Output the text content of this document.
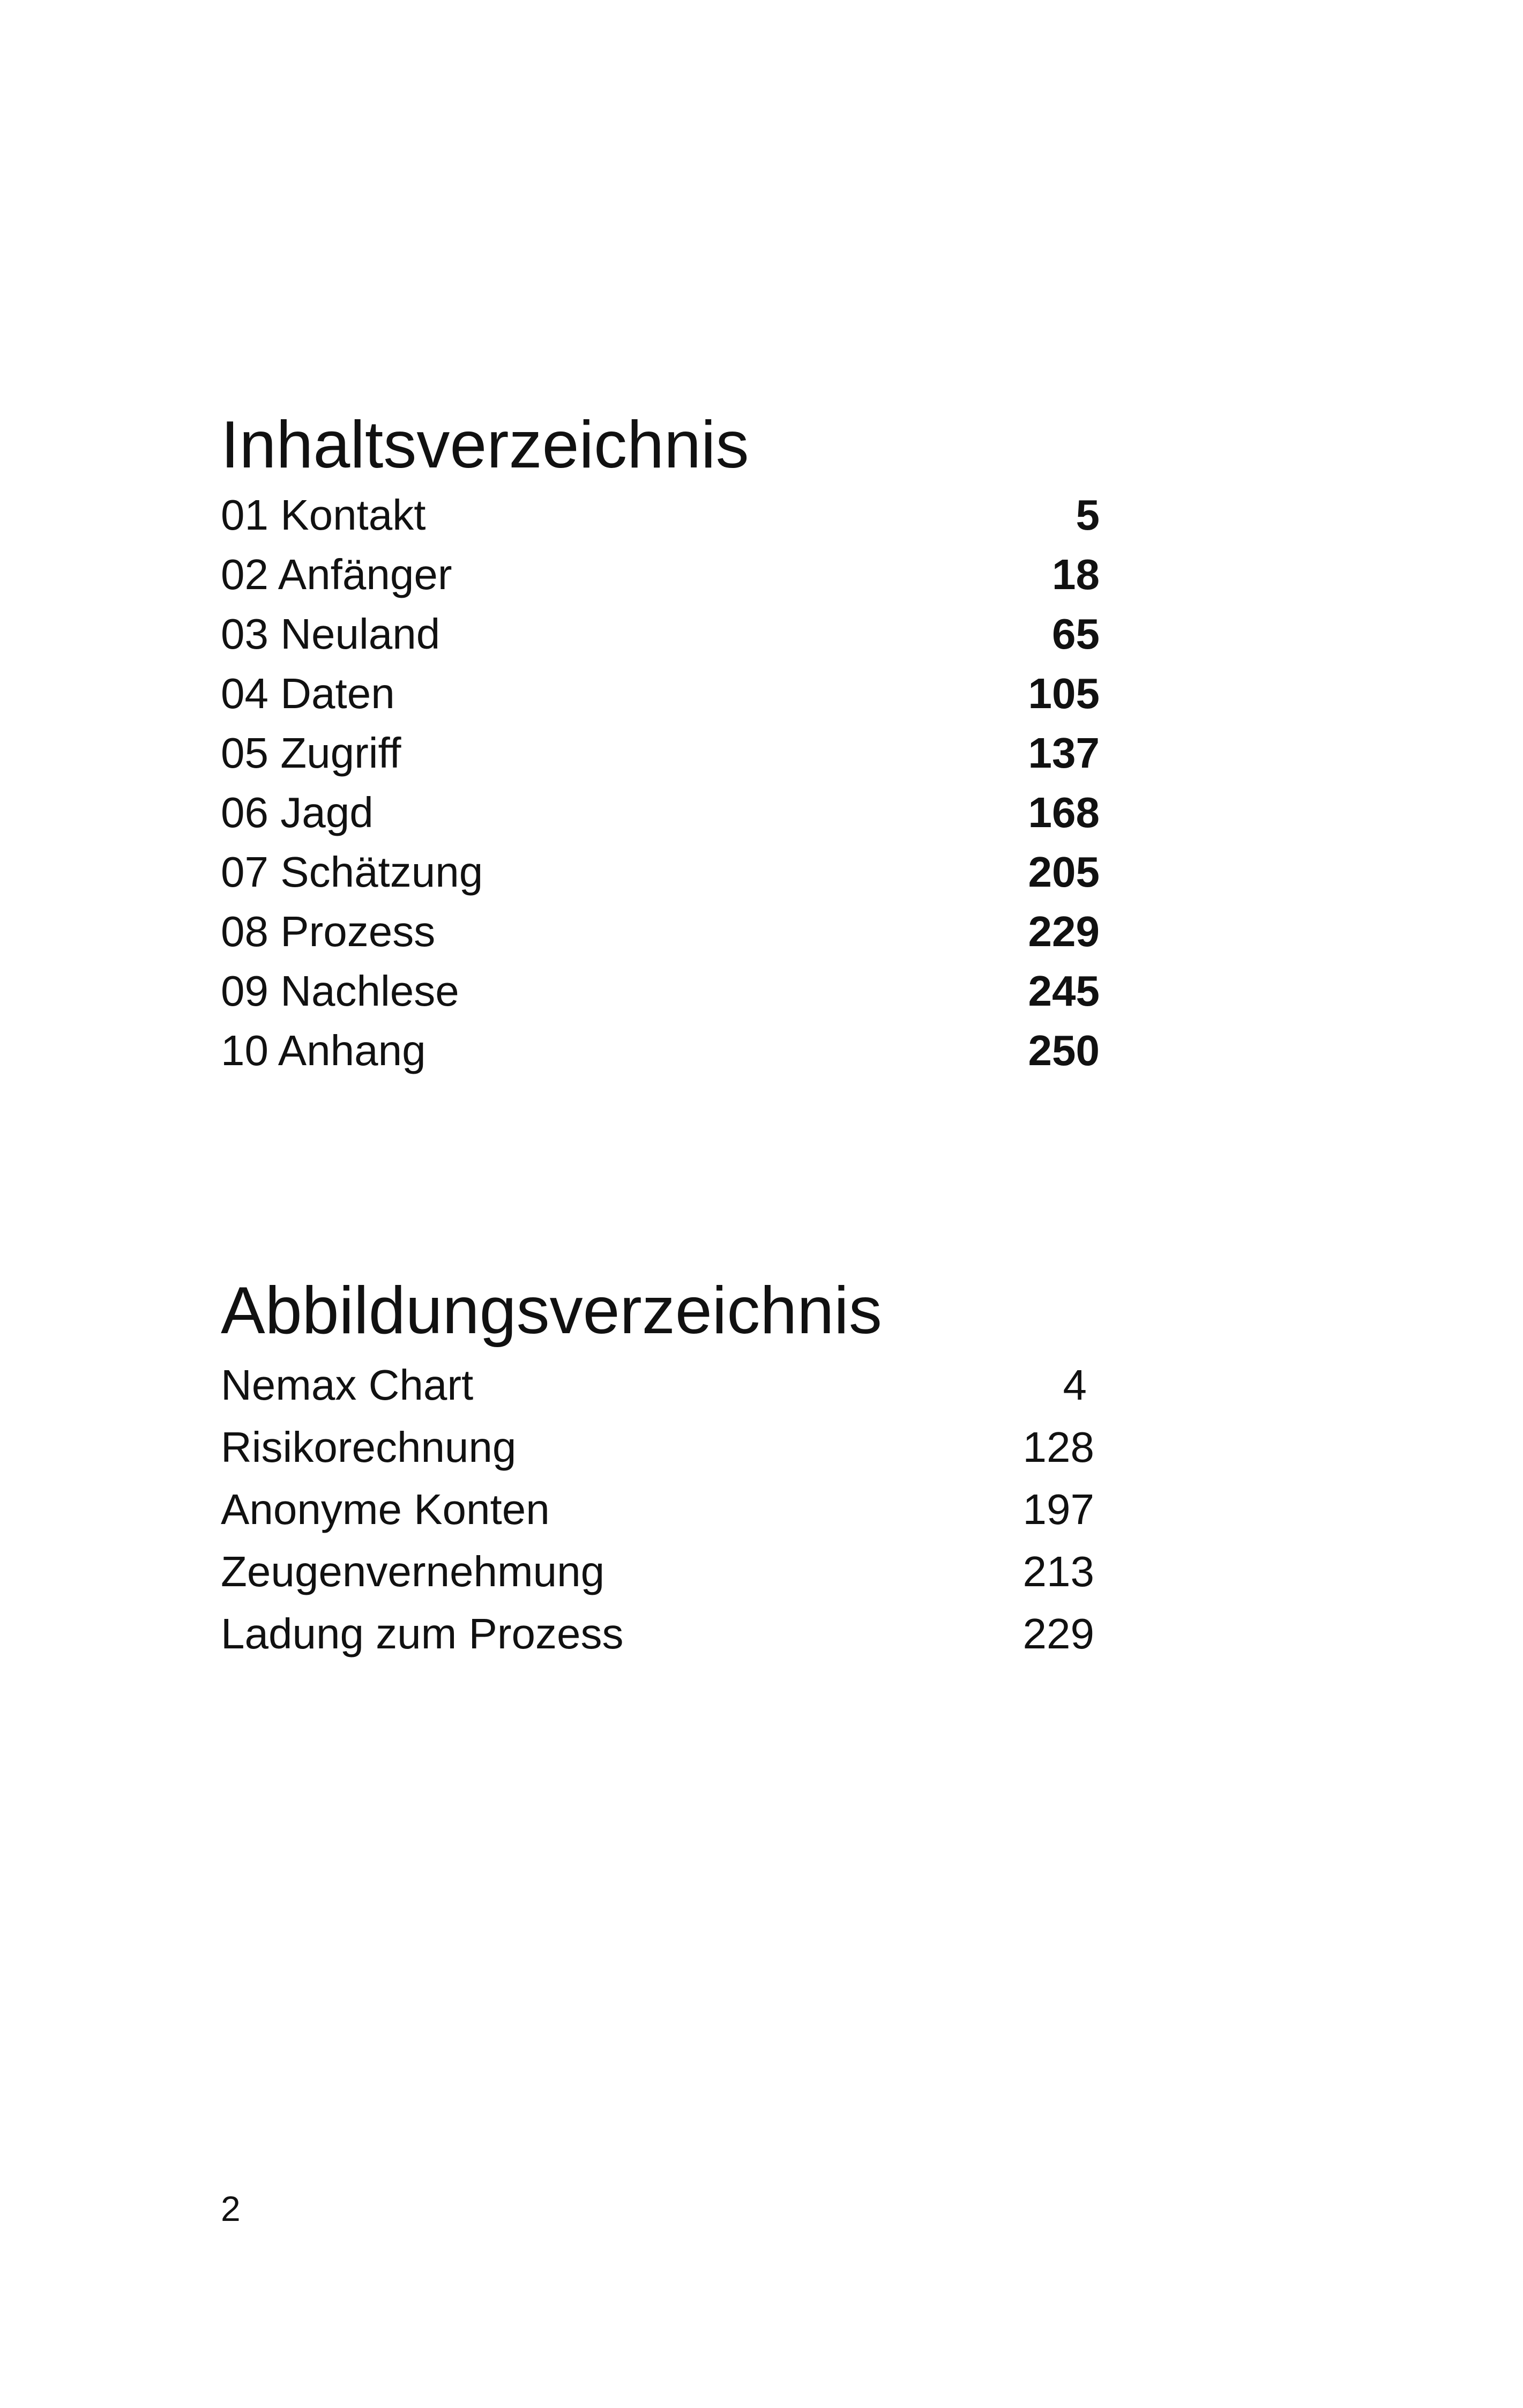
Inhaltsverzeichnis
01 Kontakt	5
02 Anfänger	18
03 Neuland	65
04 Daten	105
05 Zugriff	137
06 Jagd	168
07 Schätzung	205
08 Prozess	229
09 Nachlese	245
10 Anhang	250
Abbildungsverzeichnis
Nemax Chart	4
Risikorechnung	128
Anonyme Konten	197
Zeugenvernehmung	213
Ladung zum Prozess	229
2
